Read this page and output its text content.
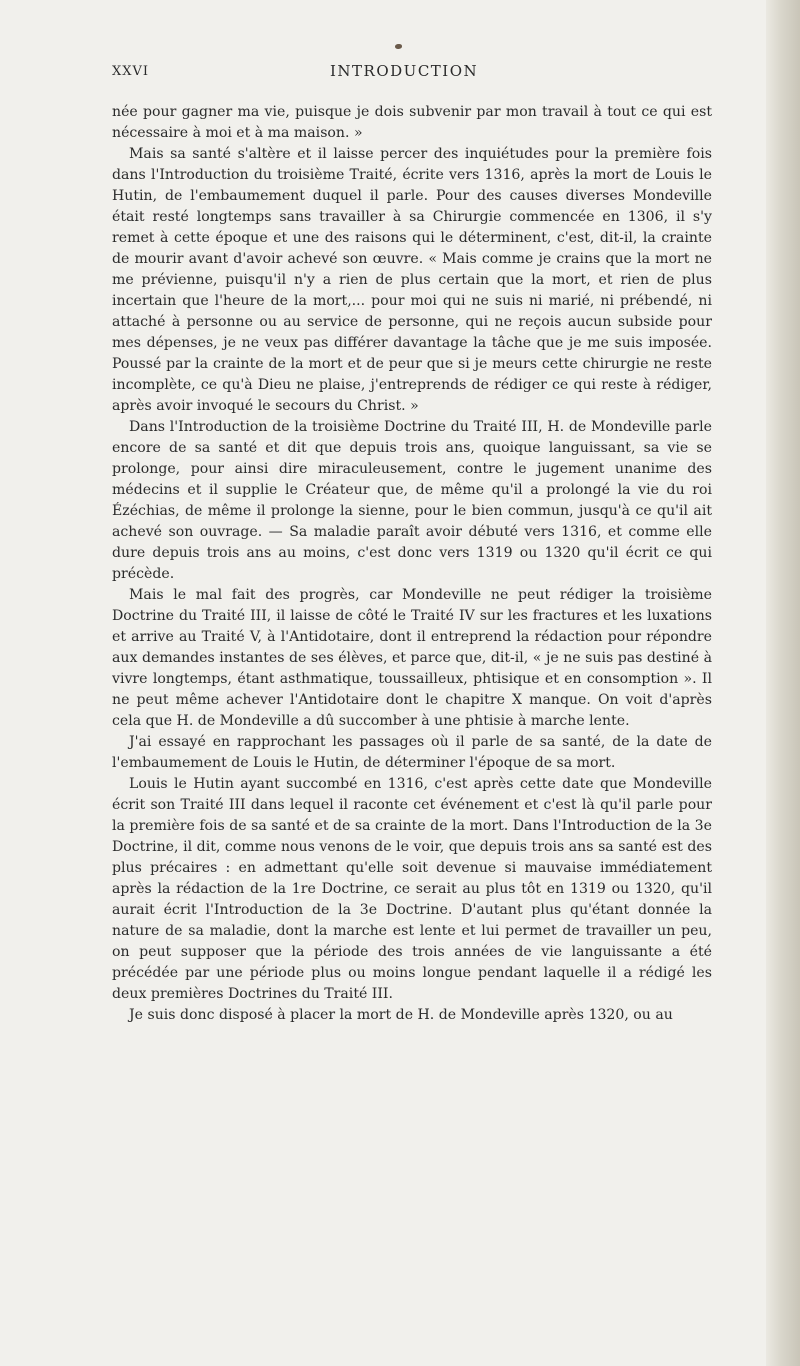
XXVI	INTRODUCTION

née pour gagner ma vie, puisque je dois subvenir par mon travail à tout ce qui est nécessaire à moi et à ma maison. »

Mais sa santé s'altère et il laisse percer des inquiétudes pour la première fois dans l'Introduction du troisième Traité, écrite vers 1316, après la mort de Louis le Hutin, de l'embaumement duquel il parle. Pour des causes diverses Mondeville était resté longtemps sans travailler à sa Chirurgie commencée en 1306, il s'y remet à cette époque et une des raisons qui le déterminent, c'est, dit-il, la crainte de mourir avant d'avoir achevé son œuvre. « Mais comme je crains que la mort ne me prévienne, puisqu'il n'y a rien de plus certain que la mort, et rien de plus incertain que l'heure de la mort,... pour moi qui ne suis ni marié, ni prébendé, ni attaché à personne ou au service de personne, qui ne reçois aucun subside pour mes dépenses, je ne veux pas différer davantage la tâche que je me suis imposée. Poussé par la crainte de la mort et de peur que si je meurs cette chirurgie ne reste incomplète, ce qu'à Dieu ne plaise, j'entreprends de rédiger ce qui reste à rédiger, après avoir invoqué le secours du Christ. »

Dans l'Introduction de la troisième Doctrine du Traité III, H. de Mondeville parle encore de sa santé et dit que depuis trois ans, quoique languissant, sa vie se prolonge, pour ainsi dire miraculeusement, contre le jugement unanime des médecins et il supplie le Créateur que, de même qu'il a prolongé la vie du roi Ézéchias, de même il prolonge la sienne, pour le bien commun, jusqu'à ce qu'il ait achevé son ouvrage. — Sa maladie paraît avoir débuté vers 1316, et comme elle dure depuis trois ans au moins, c'est donc vers 1319 ou 1320 qu'il écrit ce qui précède.

Mais le mal fait des progrès, car Mondeville ne peut rédiger la troisième Doctrine du Traité III, il laisse de côté le Traité IV sur les fractures et les luxations et arrive au Traité V, à l'Antidotaire, dont il entreprend la rédaction pour répondre aux demandes instantes de ses élèves, et parce que, dit-il, « je ne suis pas destiné à vivre longtemps, étant asthmatique, toussailleux, phtisique et en consomption ». Il ne peut même achever l'Antidotaire dont le chapitre X manque. On voit d'après cela que H. de Mondeville a dû succomber à une phtisie à marche lente.

J'ai essayé en rapprochant les passages où il parle de sa santé, de la date de l'embaumement de Louis le Hutin, de déterminer l'époque de sa mort.

Louis le Hutin ayant succombé en 1316, c'est après cette date que Mondeville écrit son Traité III dans lequel il raconte cet événement et c'est là qu'il parle pour la première fois de sa santé et de sa crainte de la mort. Dans l'Introduction de la 3e Doctrine, il dit, comme nous venons de le voir, que depuis trois ans sa santé est des plus précaires : en admettant qu'elle soit devenue si mauvaise immédiatement après la rédaction de la 1re Doctrine, ce serait au plus tôt en 1319 ou 1320, qu'il aurait écrit l'Introduction de la 3e Doctrine. D'autant plus qu'étant donnée la nature de sa maladie, dont la marche est lente et lui permet de travailler un peu, on peut supposer que la période des trois années de vie languissante a été précédée par une période plus ou moins longue pendant laquelle il a rédigé les deux premières Doctrines du Traité III.

Je suis donc disposé à placer la mort de H. de Mondeville après 1320, ou au
